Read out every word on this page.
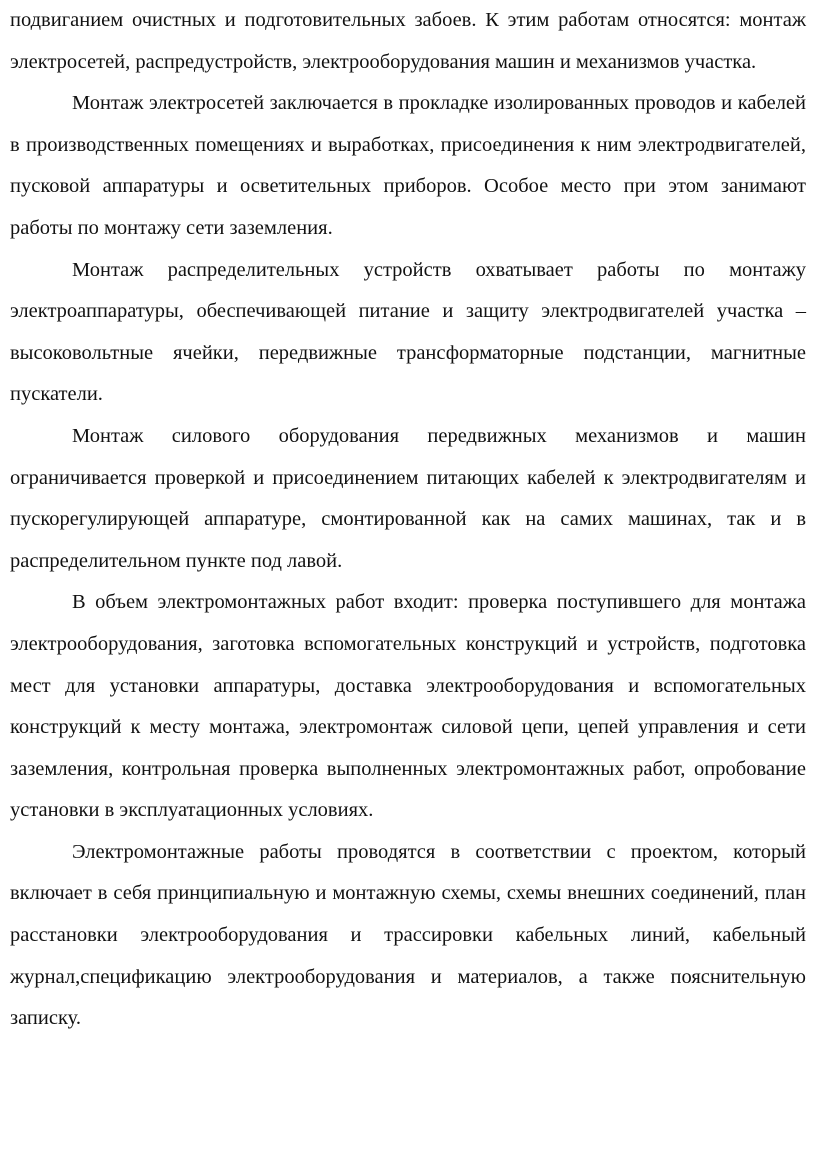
подвиганием очистных и подготовительных забоев. К этим работам относятся: монтаж электросетей, распредустройств, электрооборудования машин и механизмов участка.

Монтаж электросетей заключается в прокладке изолированных проводов и кабелей в производственных помещениях и выработках, присоединения к ним электродвигателей, пусковой аппаратуры и осветительных приборов. Особое место при этом занимают работы по монтажу сети заземления.

Монтаж распределительных устройств охватывает работы по монтажу электроаппаратуры, обеспечивающей питание и защиту электродвигателей участка – высоковольтные ячейки, передвижные трансформаторные подстанции, магнитные пускатели.

Монтаж силового оборудования передвижных механизмов и машин ограничивается проверкой и присоединением питающих кабелей к электродвигателям и пускорегулирующей аппаратуре, смонтированной как на самих машинах, так и в распределительном пункте под лавой.

В объем электромонтажных работ входит: проверка поступившего для монтажа электрооборудования, заготовка вспомогательных конструкций и устройств, подготовка мест для установки аппаратуры, доставка электрооборудования и вспомогательных конструкций к месту монтажа, электромонтаж силовой цепи, цепей управления и сети заземления, контрольная проверка выполненных электромонтажных работ, опробование установки в эксплуатационных условиях.

Электромонтажные работы проводятся в соответствии с проектом, который включает в себя принципиальную и монтажную схемы, схемы внешних соединений, план расстановки электрооборудования и трассировки кабельных линий, кабельный журнал,спецификацию электрооборудования и материалов, а также пояснительную записку.
